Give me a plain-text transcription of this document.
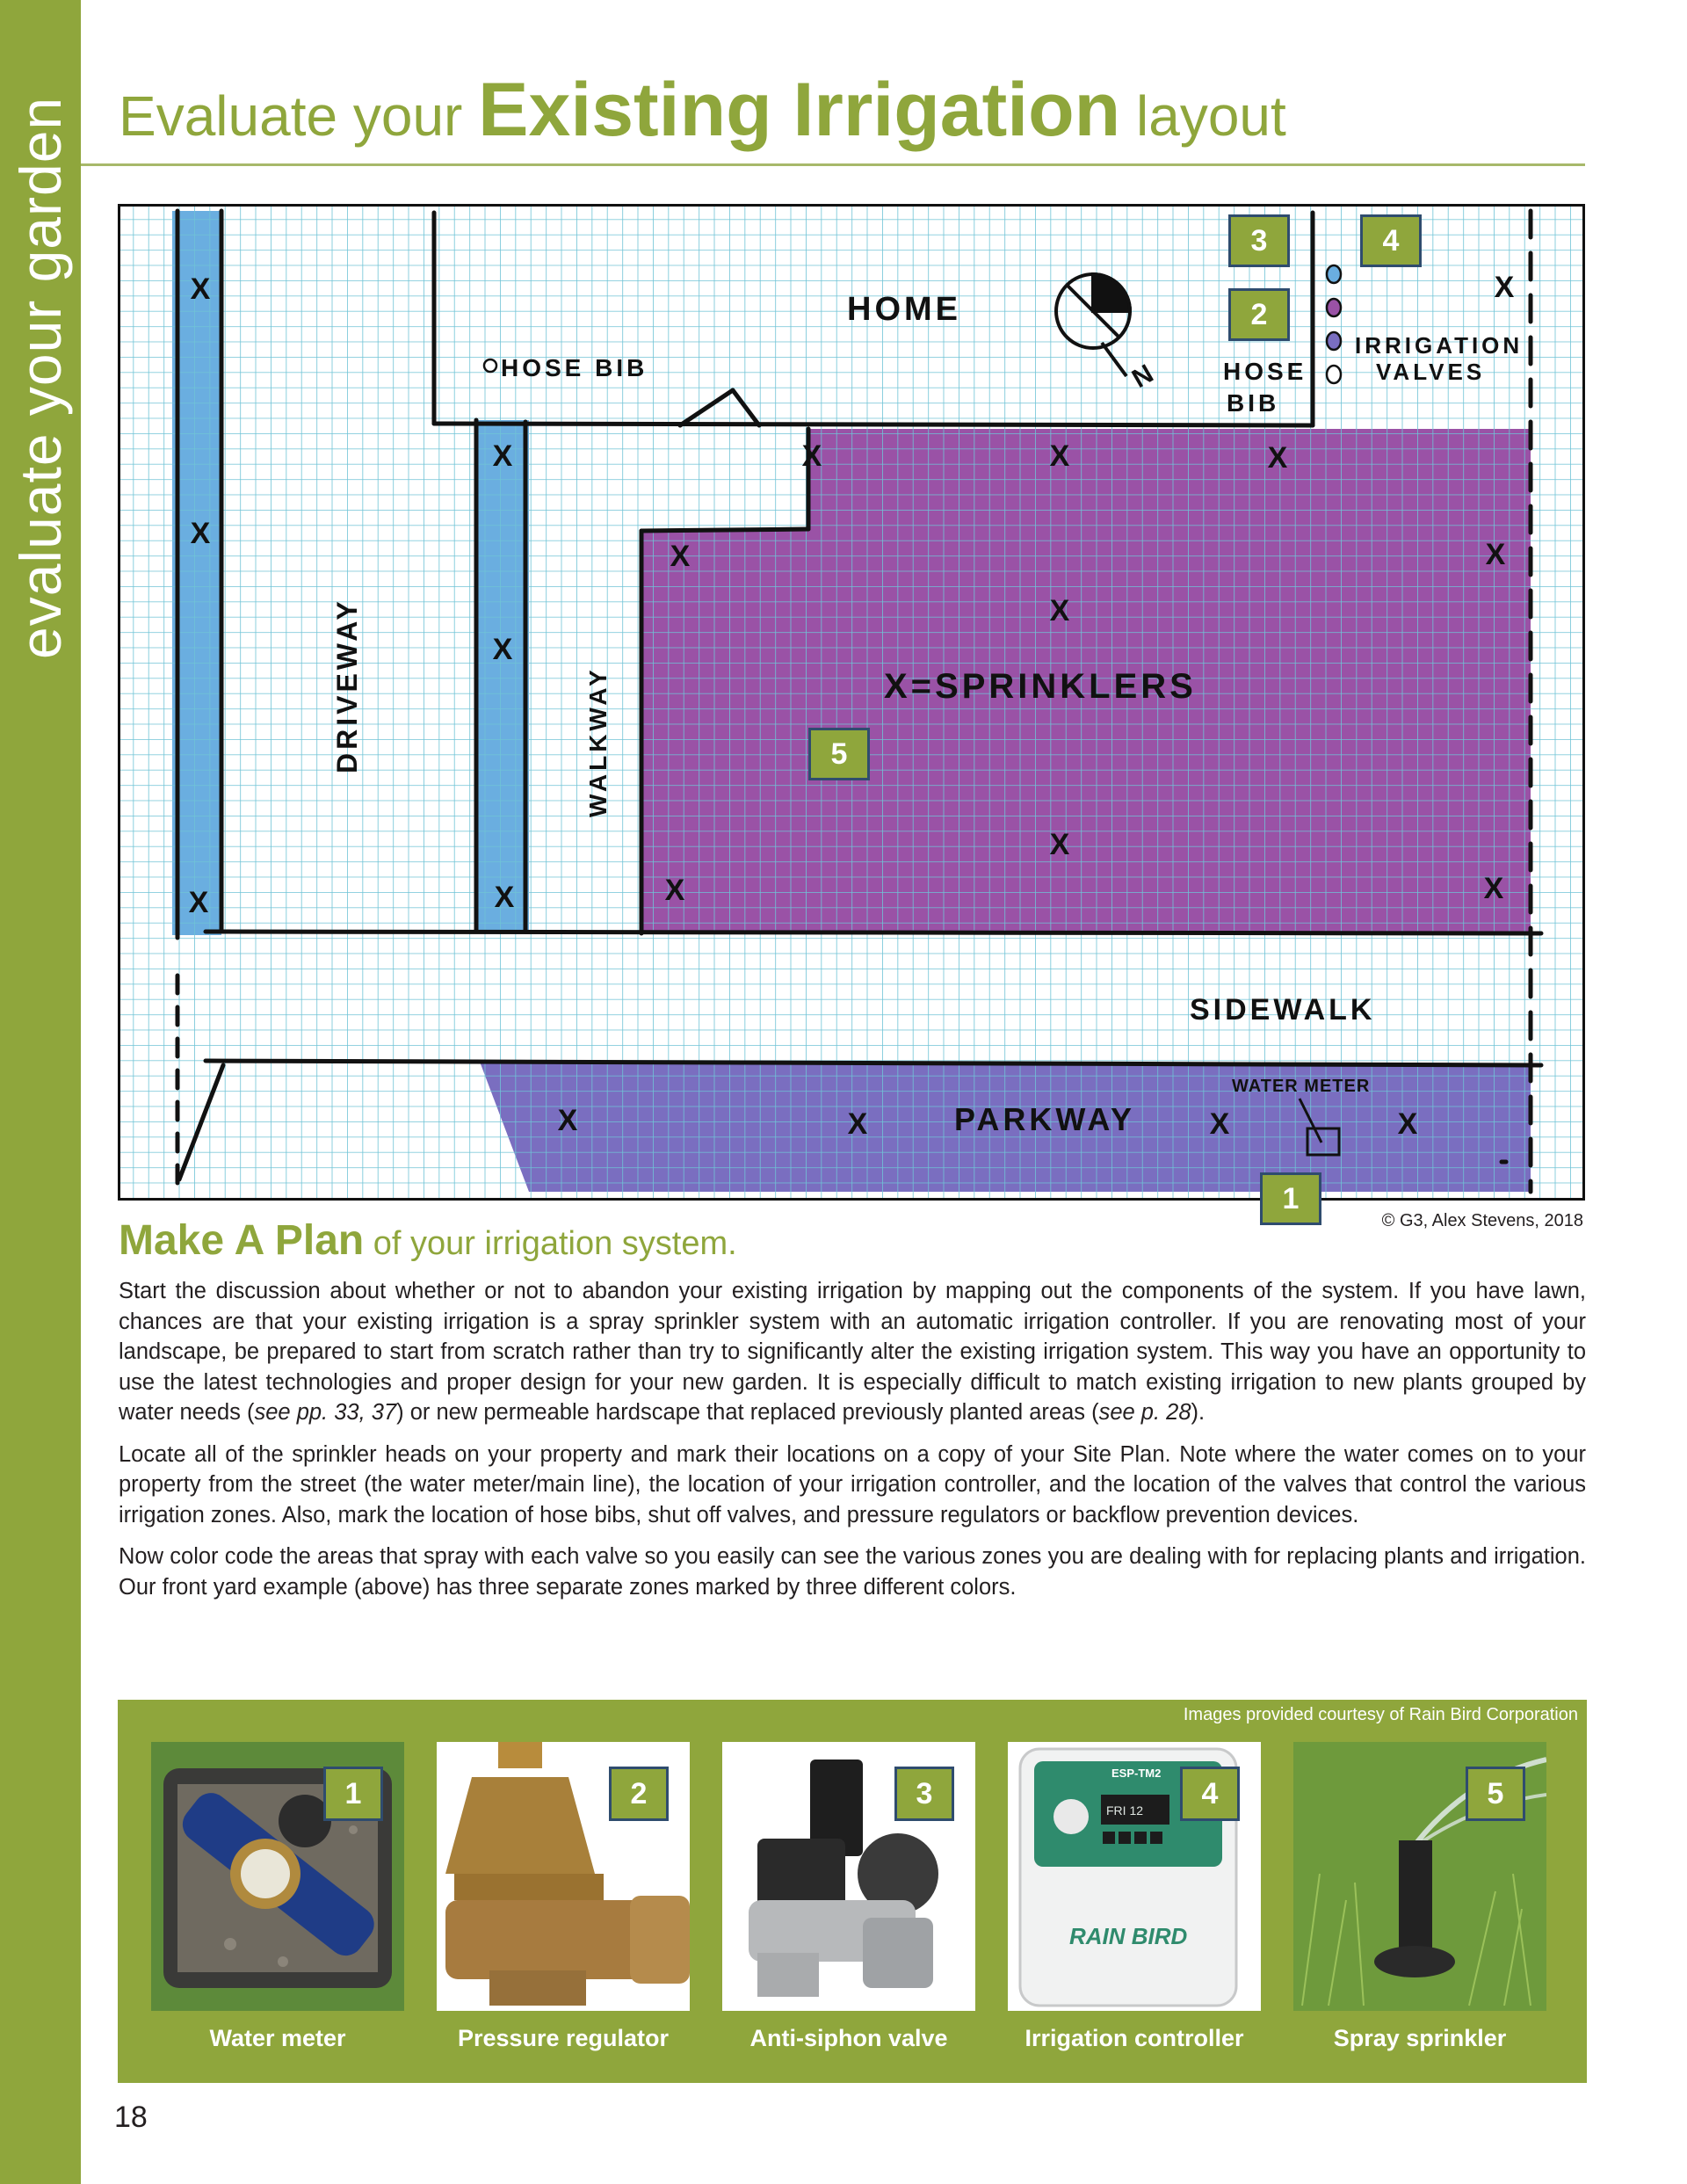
evaluate your garden Evaluate your Existing Irrigation layout
N
HOME
HOSE BIB	HOSE
BIB
IRRIGATION
VALVES
DRIVEWAY	WALKWAY	X=SPRINKLERS
SIDEWALK
PARKWAY
WATER METER
X
X
X
X
X
X
X	X	X
X	X
X
X
X	X
X
X	X	X	X
3	4
2
5
1
© G3, Alex Stevens, 2018
Make A Plan of your irrigation system.

Start the discussion about whether or not to abandon your existing irrigation by mapping out the components of the system. If you have lawn, chances are that your existing irrigation is a spray sprinkler system with an automatic irrigation controller. If you are renovating most of your landscape, be prepared to start from scratch rather than try to significantly alter the existing irrigation system. This way you have an opportunity to use the latest technologies and proper design for your new garden. It is especially difficult to match existing irrigation to new plants grouped by water needs (see pp. 33, 37) or new permeable hardscape that replaced previously planted areas (see p. 28).

Locate all of the sprinkler heads on your property and mark their locations on a copy of your Site Plan. Note where the water comes on to your property from the street (the water meter/main line), the location of your irrigation controller, and the location of the valves that control the various irrigation zones. Also, mark the location of hose bibs, shut off valves, and pressure regulators or backflow prevention devices.

Now color code the areas that spray with each valve so you easily can see the various zones you are dealing with for replacing plants and irrigation. Our front yard example (above) has three separate zones marked by three different colors.

Images provided courtesy of Rain Bird Corporation
1	2	3
ESP-TM2
FRI 12
RAIN BIRD
4	5
Water meter	Pressure regulator	Anti-siphon valve	Irrigation controller	Spray sprinkler
18
